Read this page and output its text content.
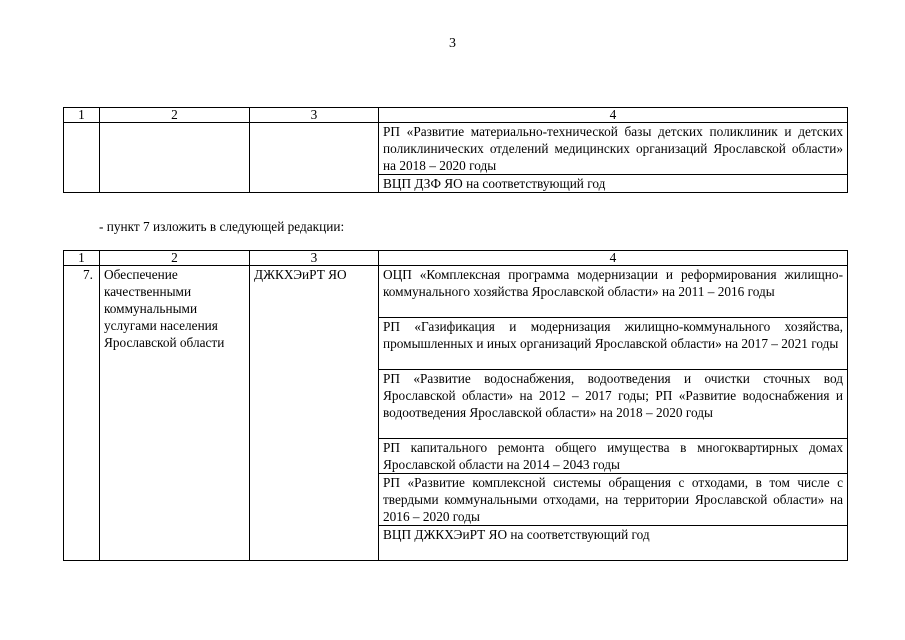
3
1	2	3	4
			РП «Развитие материально-технической базы детских поликлиник и детских поликлинических отделений медицинских организаций Ярославской области» на 2018 – 2020 годы
			ВЦП ДЗФ ЯО на соответствующий год
- пункт 7 изложить в следующей редакции:
1	2	3	4
7.	Обеспечение качественными коммунальными услугами населения Ярославской области	ДЖКХЭиРТ ЯО	ОЦП «Комплексная программа модернизации и реформирования жилищно-коммунального хозяйства Ярославской области» на 2011 – 2016 годы
			РП «Газификация и модернизация жилищно-коммунального хозяйства, промышленных и иных организаций Ярославской области» на 2017 – 2021 годы
			РП «Развитие водоснабжения, водоотведения и очистки сточных вод Ярославской области» на 2012 – 2017 годы; РП «Развитие водоснабжения и водоотведения Ярославской области» на 2018 – 2020 годы
			РП капитального ремонта общего имущества в многоквартирных домах Ярославской области на 2014 – 2043 годы
			РП «Развитие комплексной системы обращения с отходами, в том числе с твердыми коммунальными отходами, на территории Ярославской области» на 2016 – 2020 годы
			ВЦП ДЖКХЭиРТ ЯО на соответствующий год
